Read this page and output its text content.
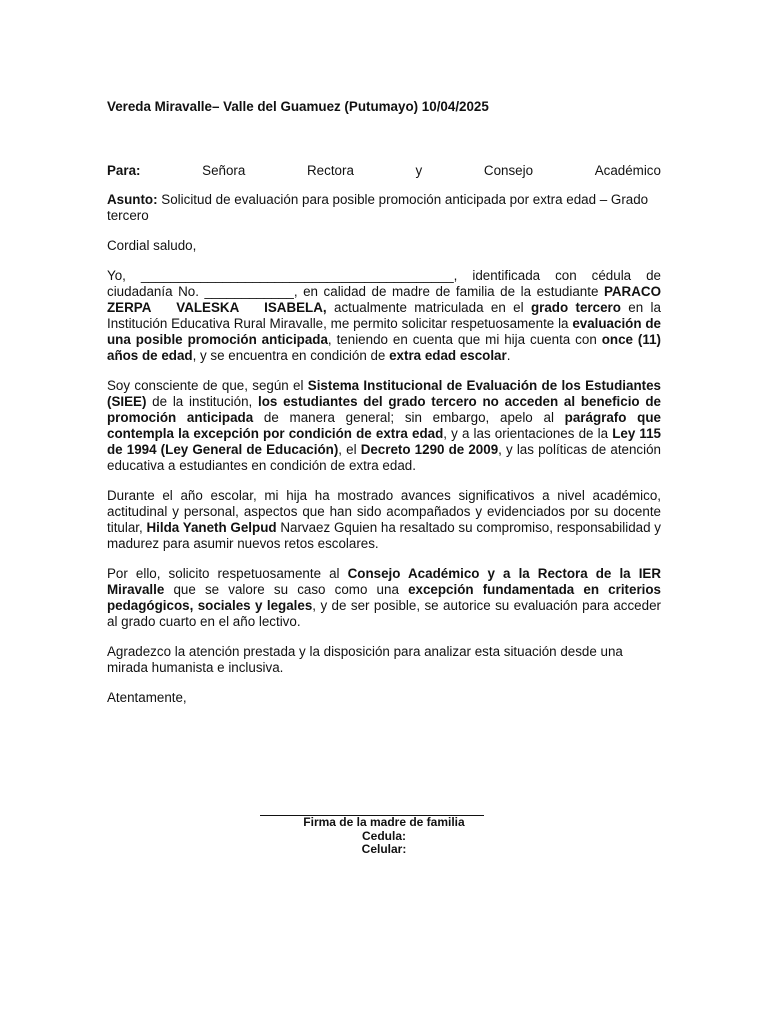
Vereda Miravalle– Valle del Guamuez (Putumayo) 10/04/2025

Para:	Señora	Rectora	y	Consejo	Académico

Asunto: Solicitud de evaluación para posible promoción anticipada por extra edad – Grado tercero

Cordial saludo,

Yo, __________________________________________, identificada con cédula de ciudadanía No. ____________, en calidad de madre de familia de la estudiante PARACO ZERPA VALESKA ISABELA, actualmente matriculada en el grado tercero en la Institución Educativa Rural Miravalle, me permito solicitar respetuosamente la evaluación de una posible promoción anticipada, teniendo en cuenta que mi hija cuenta con once (11) años de edad, y se encuentra en condición de extra edad escolar.

Soy consciente de que, según el Sistema Institucional de Evaluación de los Estudiantes (SIEE) de la institución, los estudiantes del grado tercero no acceden al beneficio de promoción anticipada de manera general; sin embargo, apelo al parágrafo que contempla la excepción por condición de extra edad, y a las orientaciones de la Ley 115 de 1994 (Ley General de Educación), el Decreto 1290 de 2009, y las políticas de atención educativa a estudiantes en condición de extra edad.

Durante el año escolar, mi hija ha mostrado avances significativos a nivel académico, actitudinal y personal, aspectos que han sido acompañados y evidenciados por su docente titular, Hilda Yaneth Gelpud Narvaez Gquien ha resaltado su compromiso, responsabilidad y madurez para asumir nuevos retos escolares.

Por ello, solicito respetuosamente al Consejo Académico y a la Rectora de la IER Miravalle que se valore su caso como una excepción fundamentada en criterios pedagógicos, sociales y legales, y de ser posible, se autorice su evaluación para acceder al grado cuarto en el año lectivo.

Agradezco la atención prestada y la disposición para analizar esta situación desde una mirada humanista e inclusiva.

Atentamente,

Firma de la madre de familia
Cedula:
Celular:
